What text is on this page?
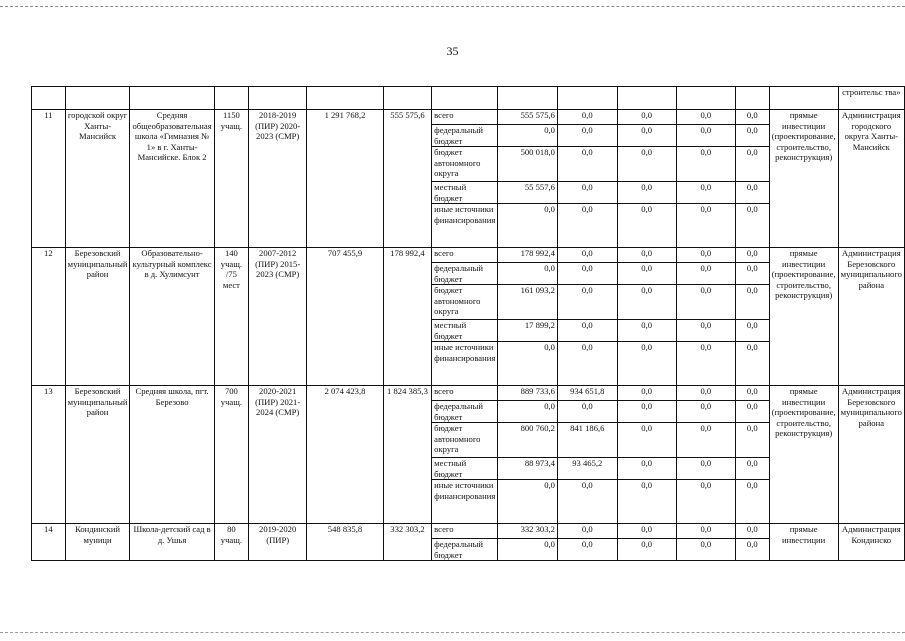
35
														строительс тва»
11	городской округ Ханты-Мансийск	Средняя общеобразовательная школа «Гимназия № 1» в г. Ханты-Мансийске. Блок 2	1150 учащ.	2018-2019 (ПИР) 2020-2023 (СМР)	1 291 768,2	555 575,6	всего	555 575,6	0,0	0,0	0,0	0,0	прямые инвестиции (проектирование, строительство, реконструкция)	Администрация городского округа Ханты-Мансийск
							федеральный бюджет	0,0	0,0	0,0	0,0	0,0		
							бюджет автономного округа	500 018,0	0,0	0,0	0,0	0,0		
							местный бюджет	55 557,6	0,0	0,0	0,0	0,0		
							иные источники финансирования	0,0	0,0	0,0	0,0	0,0		
12	Березовский муниципальный район	Образовательно-культурный комплекс в д. Хулимсунт	140 учащ. /75 мест	2007-2012 (ПИР) 2015-2023 (СМР)	707 455,9	178 992,4	всего	178 992,4	0,0	0,0	0,0	0,0	прямые инвестиции (проектирование, строительство, реконструкция)	Администрация Березовского муниципального района
							федеральный бюджет	0,0	0,0	0,0	0,0	0,0		
							бюджет автономного округа	161 093,2	0,0	0,0	0,0	0,0		
							местный бюджет	17 899,2	0,0	0,0	0,0	0,0		
							иные источники финансирования	0,0	0,0	0,0	0,0	0,0		
13	Березовский муниципальный район	Средняя школа, пгт. Березово	700 учащ.	2020-2021 (ПИР) 2021-2024 (СМР)	2 074 423,8	1 824 385,3	всего	889 733,6	934 651,8	0,0	0,0	0,0	прямые инвестиции (проектирование, строительство, реконструкция)	Администрация Березовского муниципального района
							федеральный бюджет	0,0	0,0	0,0	0,0	0,0		
							бюджет автономного округа	800 760,2	841 186,6	0,0	0,0	0,0		
							местный бюджет	88 973,4	93 465,2	0,0	0,0	0,0		
							иные источники финансирования	0,0	0,0	0,0	0,0	0,0		
14	Кондинский муници	Школа-детский сад в д. Ушья	80 учащ.	2019-2020 (ПИР)	548 835,8	332 303,2	всего	332 303,2	0,0	0,0	0,0	0,0	прямые инвестиции	Администрация Кондинско
							федеральный бюджет	0,0	0,0	0,0	0,0	0,0		
